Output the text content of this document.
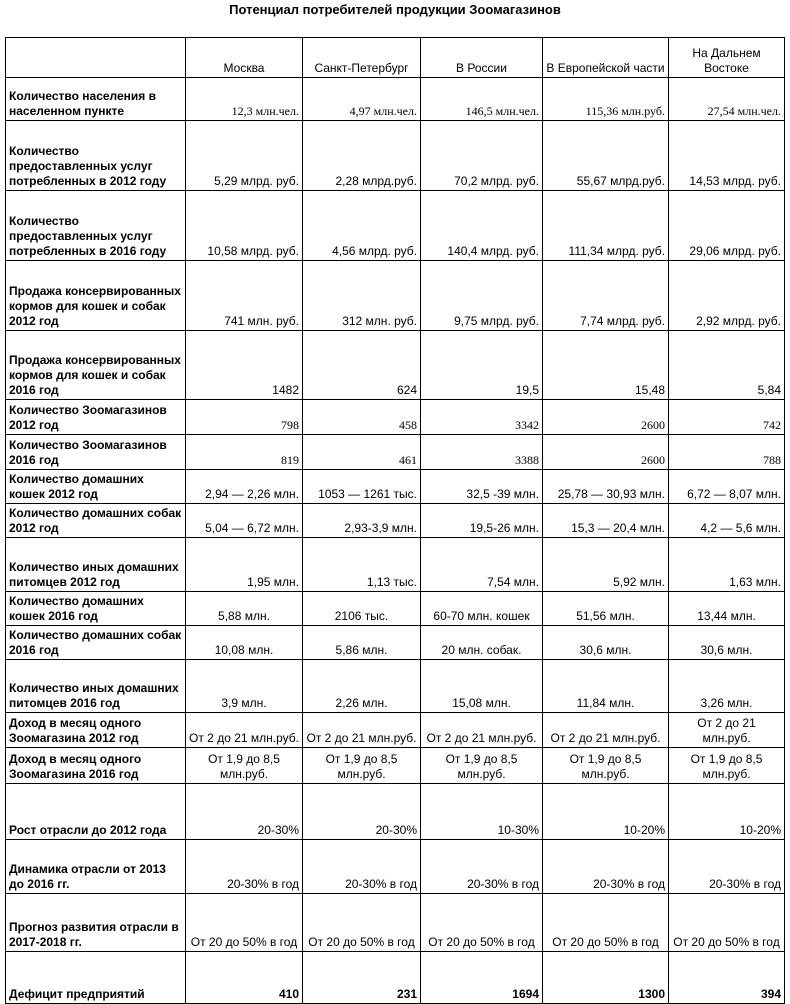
Потенциал потребителей продукции Зоомагазинов
	Москва	Санкт-Петербург	В России	В Европейской части	На Дальнем Востоке
Количество населения в населенном пункте	12,3 млн.чел.	4,97 млн.чел.	146,5 млн.чел.	115,36 млн.руб.	27,54 млн.чел.
Количество предоставленных услуг потребленных в 2012 году	5,29 млрд. руб.	2,28 млрд.руб.	70,2 млрд. руб.	55,67 млрд.руб.	14,53 млрд. руб.
Количество предоставленных услуг потребленных в 2016 году	10,58 млрд. руб.	4,56 млрд. руб.	140,4 млрд. руб.	111,34 млрд. руб.	29,06 млрд. руб.
Продажа консервированных кормов для кошек и собак 2012 год	741 млн. руб.	312 млн. руб.	9,75 млрд. руб.	7,74 млрд. руб.	2,92 млрд. руб.
Продажа консервированных кормов для кошек и собак 2016 год	1482	624	19,5	15,48	5,84
Количество Зоомагазинов 2012 год	798	458	3342	2600	742
Количество Зоомагазинов 2016 год	819	461	3388	2600	788
Количество домашних кошек 2012 год	2,94 — 2,26 млн.	1053 — 1261 тыс.	32,5 -39 млн.	25,78 — 30,93 млн.	6,72 — 8,07 млн.
Количество домашних собак 2012 год	5,04 — 6,72 млн.	2,93-3,9 млн.	19,5-26 млн.	15,3 — 20,4 млн.	4,2 — 5,6 млн.
Количество иных домашних питомцев 2012 год	1,95 млн.	1,13 тыс.	7,54 млн.	5,92 млн.	1,63 млн.
Количество домашних кошек 2016 год	5,88 млн.	2106 тыс.	60-70 млн. кошек	51,56 млн.	13,44 млн.
Количество домашних собак 2016 год	10,08 млн.	5,86 млн.	20 млн. собак.	30,6 млн.	30,6 млн.
Количество иных домашних питомцев 2016 год	3,9 млн.	2,26 млн.	15,08 млн.	11,84 млн.	3,26 млн.
Доход в месяц одного Зоомагазина 2012 год	От 2 до 21 млн.руб.	От 2 до 21 млн.руб.	От 2 до 21 млн.руб.	От 2 до 21 млн.руб.	От 2 до 21 млн.руб.
Доход в месяц одного Зоомагазина 2016 год	От 1,9 до 8,5 млн.руб.	От 1,9 до 8,5 млн.руб.	От 1,9 до 8,5 млн.руб.	От 1,9 до 8,5 млн.руб.	От 1,9 до 8,5 млн.руб.
Рост отрасли до 2012 года	20-30%	20-30%	10-30%	10-20%	10-20%
Динамика отрасли от 2013 до 2016 гг.	20-30% в год	20-30% в год	20-30% в год	20-30% в год	20-30% в год
Прогноз развития отрасли в 2017-2018 гг.	От 20 до 50% в год	От 20 до 50% в год	От 20 до 50% в год	От 20 до 50% в год	От 20 до 50% в год
Дефицит предприятий	410	231	1694	1300	394
